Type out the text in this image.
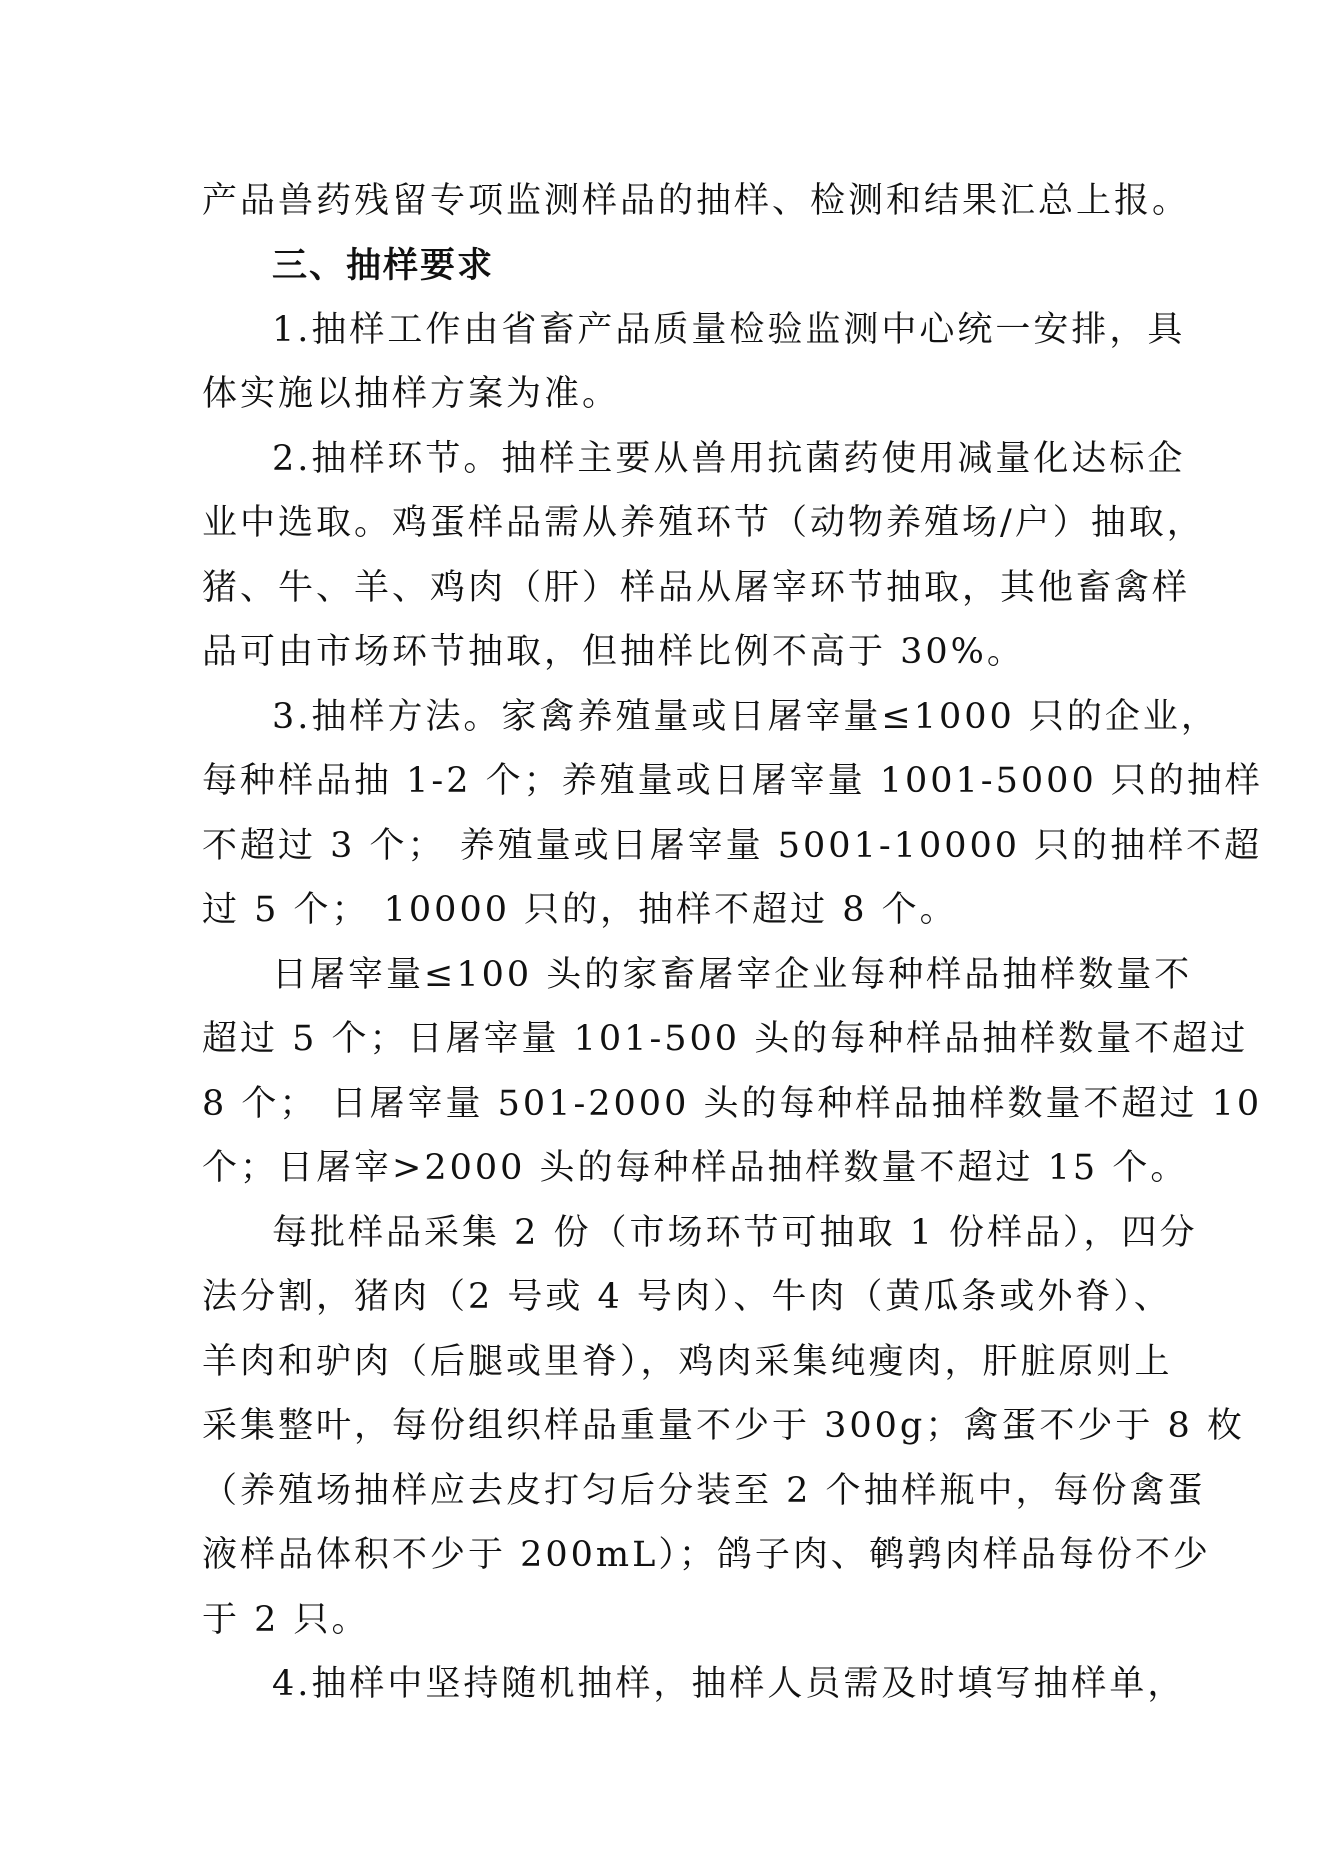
产品兽药残留专项监测样品的抽样、检测和结果汇总上报。
三、抽样要求
1.抽样工作由省畜产品质量检验监测中心统一安排，具
体实施以抽样方案为准。
2.抽样环节。抽样主要从兽用抗菌药使用减量化达标企
业中选取。鸡蛋样品需从养殖环节（动物养殖场/户）抽取，
猪、牛、羊、鸡肉（肝）样品从屠宰环节抽取，其他畜禽样
品可由市场环节抽取，但抽样比例不高于 30%。
3.抽样方法。家禽养殖量或日屠宰量≤1000 只的企业，
每种样品抽 1-2 个；养殖量或日屠宰量 1001-5000 只的抽样
不超过 3 个； 养殖量或日屠宰量 5001-10000 只的抽样不超
过 5 个； 10000 只的，抽样不超过 8 个。
日屠宰量≤100 头的家畜屠宰企业每种样品抽样数量不
超过 5 个；日屠宰量 101-500 头的每种样品抽样数量不超过
8 个； 日屠宰量 501-2000 头的每种样品抽样数量不超过 10
个；日屠宰>2000 头的每种样品抽样数量不超过 15 个。
每批样品采集 2 份（市场环节可抽取 1 份样品），四分
法分割，猪肉（2 号或 4 号肉）、牛肉（黄瓜条或外脊）、
羊肉和驴肉（后腿或里脊），鸡肉采集纯瘦肉，肝脏原则上
采集整叶，每份组织样品重量不少于 300g；禽蛋不少于 8 枚
（养殖场抽样应去皮打匀后分装至 2 个抽样瓶中，每份禽蛋
液样品体积不少于 200mL）；鸽子肉、鹌鹑肉样品每份不少
于 2 只。
4.抽样中坚持随机抽样，抽样人员需及时填写抽样单，
